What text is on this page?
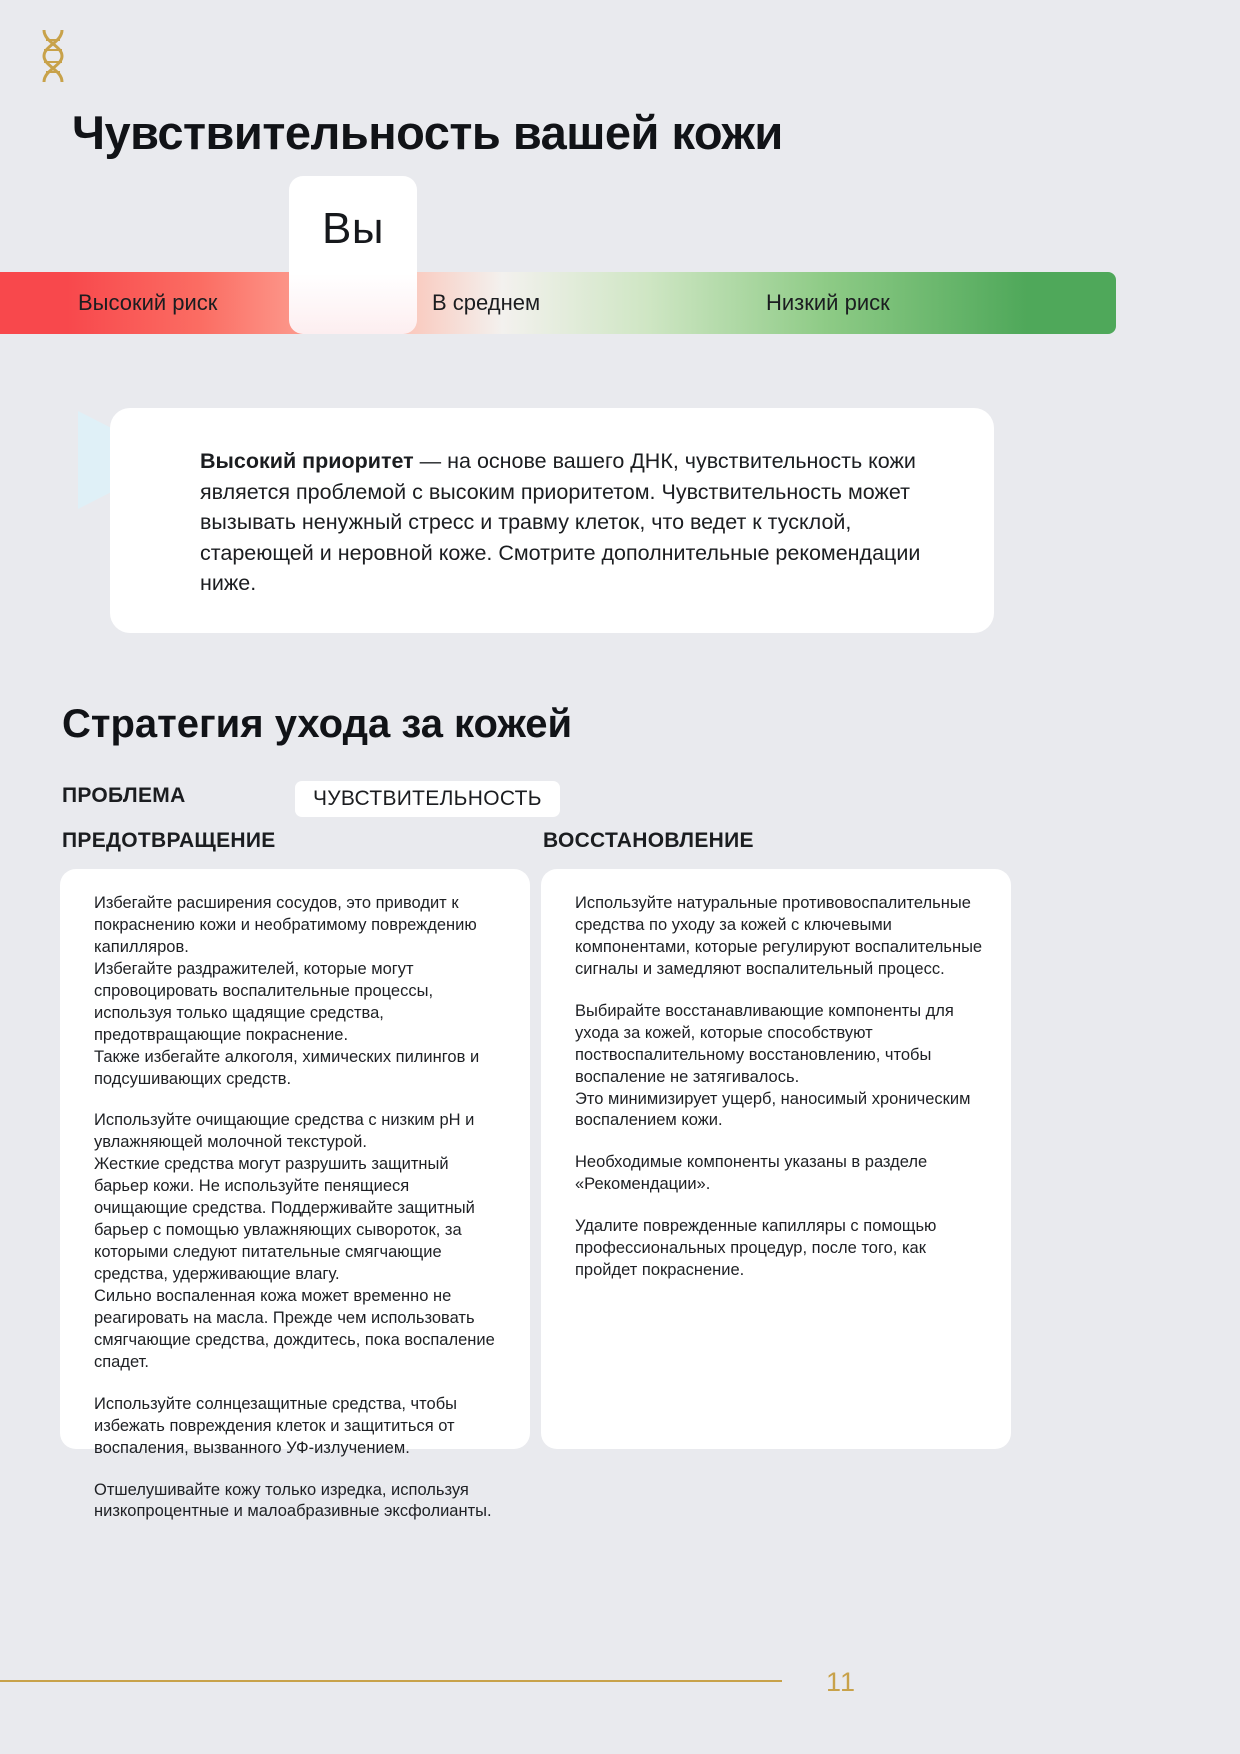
Чувствительность вашей кожи
Высокий риск	В среднем	Низкий риск
Вы

Высокий приоритет — на основе вашего ДНК, чувствительность кожи является проблемой с высоким приоритетом. Чувствительность может вызывать ненужный стресс и травму клеток, что ведет к тусклой, стареющей и неровной коже. Смотрите дополнительные рекомендации ниже.

Стратегия ухода за кожей
ПРОБЛЕМА	ЧУВСТВИТЕЛЬНОСТЬ
ПРЕДОТВРАЩЕНИЕ	ВОССТАНОВЛЕНИЕ

Избегайте расширения сосудов, это приводит к покраснению кожи и необратимому повреждению капилляров.

Избегайте раздражителей, которые могут спровоцировать воспалительные процессы, используя только щадящие средства, предотвращающие покраснение.

Также избегайте алкоголя, химических пилингов и подсушивающих средств.

Используйте очищающие средства с низким pH и увлажняющей молочной текстурой.

Жесткие средства могут разрушить защитный барьер кожи. Не используйте пенящиеся очищающие средства. Поддерживайте защитный барьер с помощью увлажняющих сывороток, за которыми следуют питательные смягчающие средства, удерживающие влагу.

Сильно воспаленная кожа может временно не реагировать на масла. Прежде чем использовать смягчающие средства, дождитесь, пока воспаление спадет.

Используйте солнцезащитные средства, чтобы избежать повреждения клеток и защититься от воспаления, вызванного УФ-излучением.

Отшелушивайте кожу только изредка, используя низкопроцентные и малоабразивные эксфолианты.

Используйте натуральные противовоспалительные средства по уходу за кожей с ключевыми компонентами, которые регулируют воспалительные сигналы и замедляют воспалительный процесс.

Выбирайте восстанавливающие компоненты для ухода за кожей, которые способствуют поствоспалительному восстановлению, чтобы воспаление не затягивалось.

Это минимизирует ущерб, наносимый хроническим воспалением кожи.

Необходимые компоненты указаны в разделе «Рекомендации».

Удалите поврежденные капилляры с помощью профессиональных процедур, после того, как пройдет покраснение.

11
